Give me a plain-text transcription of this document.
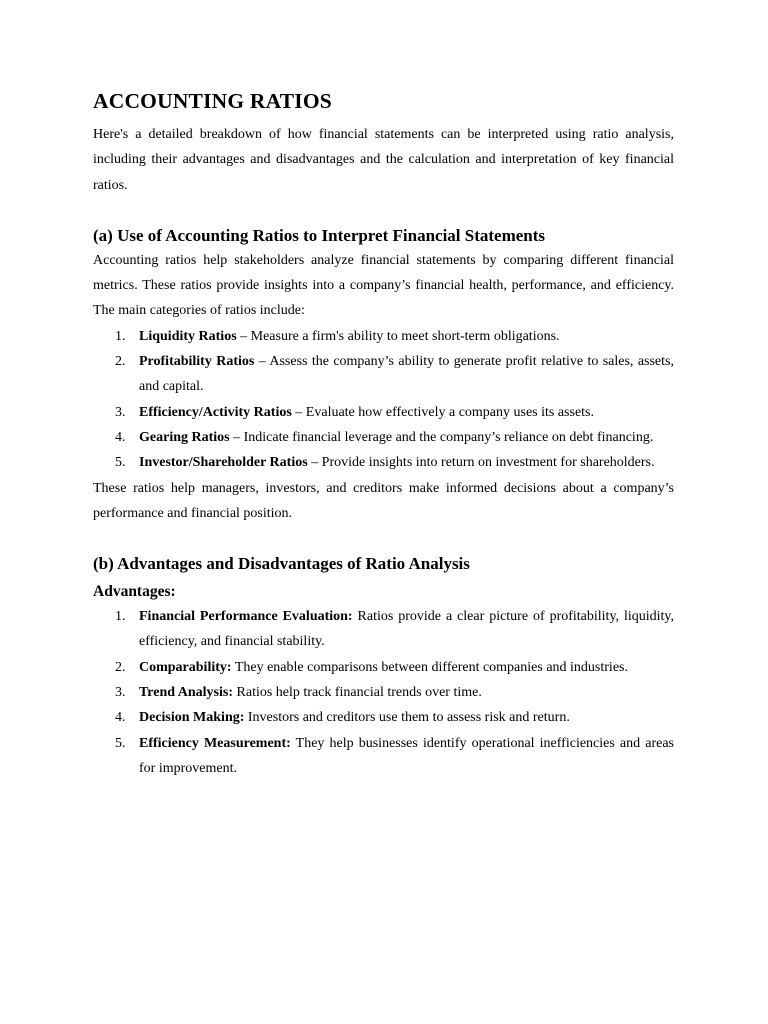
ACCOUNTING RATIOS

Here's a detailed breakdown of how financial statements can be interpreted using ratio analysis, including their advantages and disadvantages and the calculation and interpretation of key financial ratios.

(a) Use of Accounting Ratios to Interpret Financial Statements

Accounting ratios help stakeholders analyze financial statements by comparing different financial metrics. These ratios provide insights into a company’s financial health, performance, and efficiency. The main categories of ratios include:

1. Liquidity Ratios – Measure a firm's ability to meet short-term obligations.
2. Profitability Ratios – Assess the company’s ability to generate profit relative to sales, assets, and capital.
3. Efficiency/Activity Ratios – Evaluate how effectively a company uses its assets.
4. Gearing Ratios – Indicate financial leverage and the company’s reliance on debt financing.
5. Investor/Shareholder Ratios – Provide insights into return on investment for shareholders.

These ratios help managers, investors, and creditors make informed decisions about a company’s performance and financial position.

(b) Advantages and Disadvantages of Ratio Analysis
Advantages:
1. Financial Performance Evaluation: Ratios provide a clear picture of profitability, liquidity, efficiency, and financial stability.
2. Comparability: They enable comparisons between different companies and industries.
3. Trend Analysis: Ratios help track financial trends over time.
4. Decision Making: Investors and creditors use them to assess risk and return.
5. Efficiency Measurement: They help businesses identify operational inefficiencies and areas for improvement.
